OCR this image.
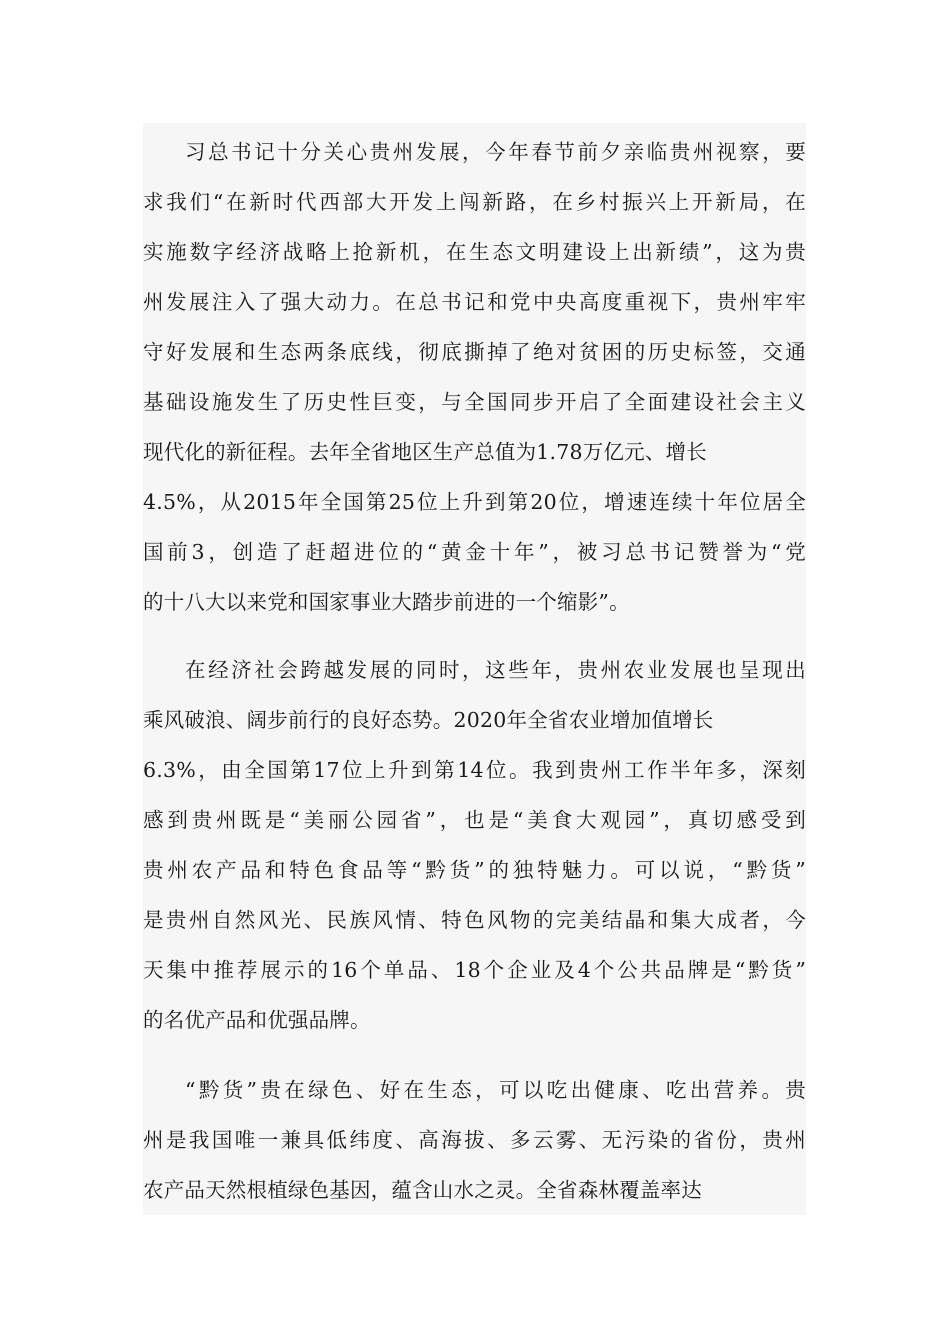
习总书记十分关心贵州发展，今年春节前夕亲临贵州视察，要
求我们“在新时代西部大开发上闯新路，在乡村振兴上开新局，在
实施数字经济战略上抢新机，在生态文明建设上出新绩”，这为贵
州发展注入了强大动力。在总书记和党中央高度重视下，贵州牢牢
守好发展和生态两条底线，彻底撕掉了绝对贫困的历史标签，交通
基础设施发生了历史性巨变，与全国同步开启了全面建设社会主义
现代化的新征程。去年全省地区生产总值为1.78万亿元、增长
4.5%，从2015年全国第25位上升到第20位，增速连续十年位居全
国前3，创造了赶超进位的“黄金十年”，被习总书记赞誉为“党
的十八大以来党和国家事业大踏步前进的一个缩影”。
在经济社会跨越发展的同时，这些年，贵州农业发展也呈现出
乘风破浪、阔步前行的良好态势。2020年全省农业增加值增长
6.3%，由全国第17位上升到第14位。我到贵州工作半年多，深刻
感到贵州既是“美丽公园省”，也是“美食大观园”，真切感受到
贵州农产品和特色食品等“黔货”的独特魅力。可以说，“黔货”
是贵州自然风光、民族风情、特色风物的完美结晶和集大成者，今
天集中推荐展示的16个单品、18个企业及4个公共品牌是“黔货”
的名优产品和优强品牌。
“黔货”贵在绿色、好在生态，可以吃出健康、吃出营养。贵
州是我国唯一兼具低纬度、高海拔、多云雾、无污染的省份，贵州
农产品天然根植绿色基因，蕴含山水之灵。全省森林覆盖率达
